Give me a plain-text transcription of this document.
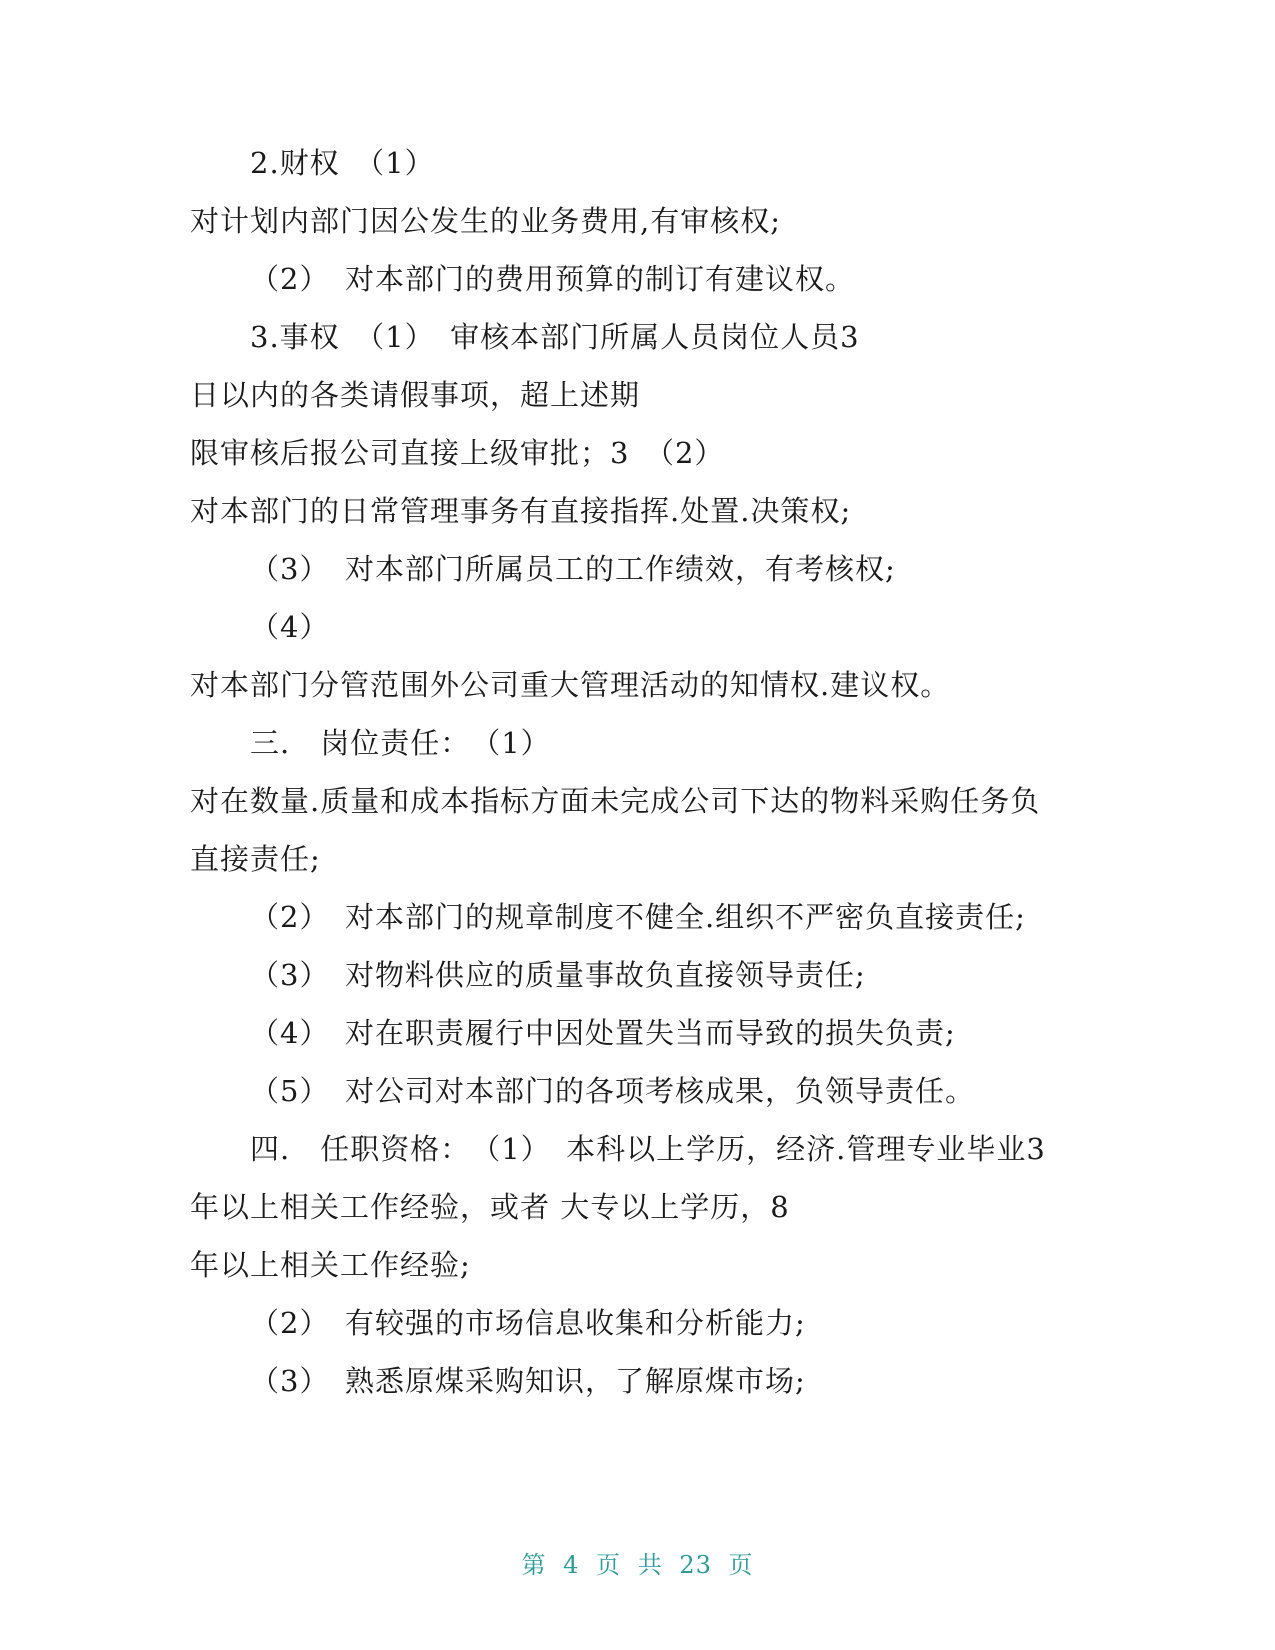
2.财权　（1）
对计划内部门因公发生的业务费用,有审核权;
（2）　对本部门的费用预算的制订有建议权。
3.事权　（1）　审核本部门所属人员岗位人员3
日以内的各类请假事项，超上述期
限审核后报公司直接上级审批；3　（2）
对本部门的日常管理事务有直接指挥.处置.决策权;
（3）　对本部门所属员工的工作绩效，有考核权;
（4）
对本部门分管范围外公司重大管理活动的知情权.建议权。
三.　岗位责任：　（1）
对在数量.质量和成本指标方面未完成公司下达的物料采购任务负
直接责任;
（2）　对本部门的规章制度不健全.组织不严密负直接责任;
（3）　对物料供应的质量事故负直接领导责任;
（4）　对在职责履行中因处置失当而导致的损失负责;
（5）　对公司对本部门的各项考核成果，负领导责任。
四.　任职资格：　（1）　本科以上学历，经济.管理专业毕业3
年以上相关工作经验，或者 大专以上学历，8
年以上相关工作经验;
（2）　有较强的市场信息收集和分析能力;
（3）　熟悉原煤采购知识，了解原煤市场;
第 4 页 共 23 页
